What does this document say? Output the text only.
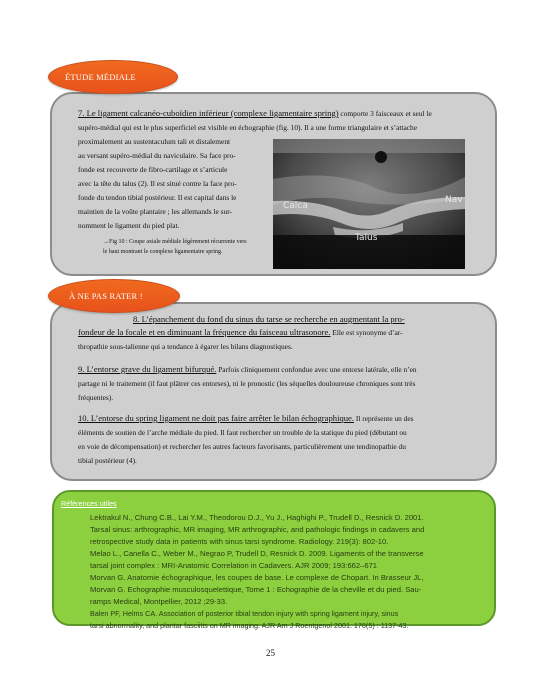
ÉTUDE MÉDIALE
7. Le ligament calcanéo-cuboïdien inférieur (complexe ligamentaire spring) comporte 3 faisceaux et seul le
supéro-médial qui est le plus superficiel est visible en échographie (fig. 10). Il a une forme triangulaire et s’attache
proximalement au sustentaculum tali et distalement
au versant supéro-médial du naviculaire. Sa face pro-
fonde est recouverte de fibro-cartilage et s’articule
avec la tête du talus (2). Il est situé contre la face pro-
fonde du tendon tibial postérieur. Il est capital dans le
maintien de la voûte plantaire ; les allemands le sur-
nomment le ligament du pied plat.
→Fig 10 : Coupe axiale médiale légèrement récurrente vers
le haut montrant le complexe ligamentaire spring.
Calca
Nav
Talus
À NE PAS RATER !
8. L’épanchement du fond du sinus du tarse se recherche en augmentant la pro-
fondeur de la focale et en diminuant la fréquence du faisceau ultrasonore. Elle est synonyme d’ar-
thropathie sous-talienne qui a tendance à égarer les bilans diagnostiques.
9. L’entorse grave du ligament bifurqué. Parfois cliniquement confondue avec une entorse latérale, elle n’en
partage ni le traitement (il faut plâtrer ces entorses), ni le pronostic (les séquelles douloureuse chroniques sont très
fréquentes).
10. L’entorse du spring ligament ne doit pas faire arrêter le bilan échographique. Il représente un des
éléments de soutien de l’arche médiale du pied. Il faut rechercher un trouble de la statique du pied (débutant ou
en voie de décompensation) et rechercher les autres facteurs favorisants, particulièrement une tendinopathie du
tibial postérieur (4).
Références utiles
Lektrakul N., Chung C.B., Lai Y.M., Theodorou D.J., Yu J., Haghighi P., Trudell D., Resnick D. 2001.
Tarsal sinus: arthrographic, MR imaging, MR arthrographic, and pathologic findings in cadavers and
retrospective study data in patients with sinus tarsi syndrome. Radiology. 219(3): 802-10.
Melao L., Canella C., Weber M., Negrao P, Trudell D, Resnick D. 2009. Ligaments of the transverse
tarsal joint complex : MRI-Anatomic Correlation in Cadavers. AJR 2009; 193:662–671
Morvan G. Anatomie échographique, les coupes de base. Le complexe de Chopart. In Brasseur JL,
Morvan G. Echographie musculosquelettique, Tome 1 : Echographie de la cheville et du pied. Sau-
ramps Medical, Montpellier, 2012 ;29-33.
Balen PF, Helms CA. Association of posterior tibial tendon injury with spring ligament injury, sinus
tarsi abnormality, and plantar fasciitis on MR imaging. AJR Am J Roentgenol 2001. 176(5) : 1137-43.
25
